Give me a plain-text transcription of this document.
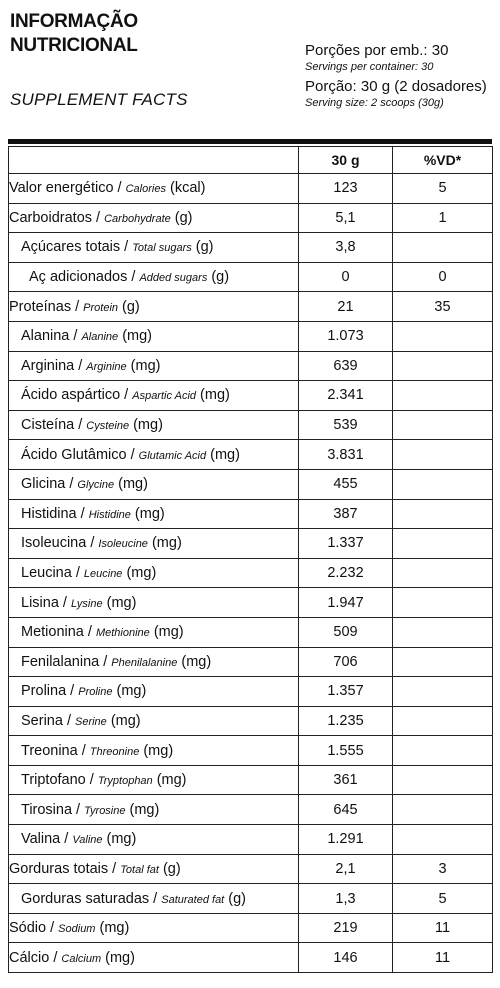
INFORMAÇÃO
NUTRICIONAL
SUPPLEMENT FACTS
Porções por emb.: 30
Servings per container: 30
Porção: 30 g (2 dosadores)
Serving size: 2 scoops (30g)
	30 g	%VD*
Valor energético / Calories (kcal)	123	5
Carboidratos / Carbohydrate (g)	5,1	1
Açúcares totais / Total sugars (g)	3,8	
Aç adicionados / Added sugars (g)	0	0
Proteínas / Protein (g)	21	35
Alanina / Alanine (mg)	1.073	
Arginina / Arginine (mg)	639	
Ácido aspártico / Aspartic Acid (mg)	2.341	
Cisteína / Cysteine (mg)	539	
Ácido Glutâmico / Glutamic Acid (mg)	3.831	
Glicina / Glycine (mg)	455	
Histidina / Histidine (mg)	387	
Isoleucina / Isoleucine (mg)	1.337	
Leucina / Leucine (mg)	2.232	
Lisina / Lysine (mg)	1.947	
Metionina / Methionine (mg)	509	
Fenilalanina / Phenilalanine (mg)	706	
Prolina / Proline (mg)	1.357	
Serina / Serine (mg)	1.235	
Treonina / Threonine (mg)	1.555	
Triptofano / Tryptophan (mg)	361	
Tirosina / Tyrosine (mg)	645	
Valina / Valine (mg)	1.291	
Gorduras totais / Total fat (g)	2,1	3
Gorduras saturadas / Saturated fat (g)	1,3	5
Sódio / Sodium (mg)	219	11
Cálcio / Calcium (mg)	146	11
